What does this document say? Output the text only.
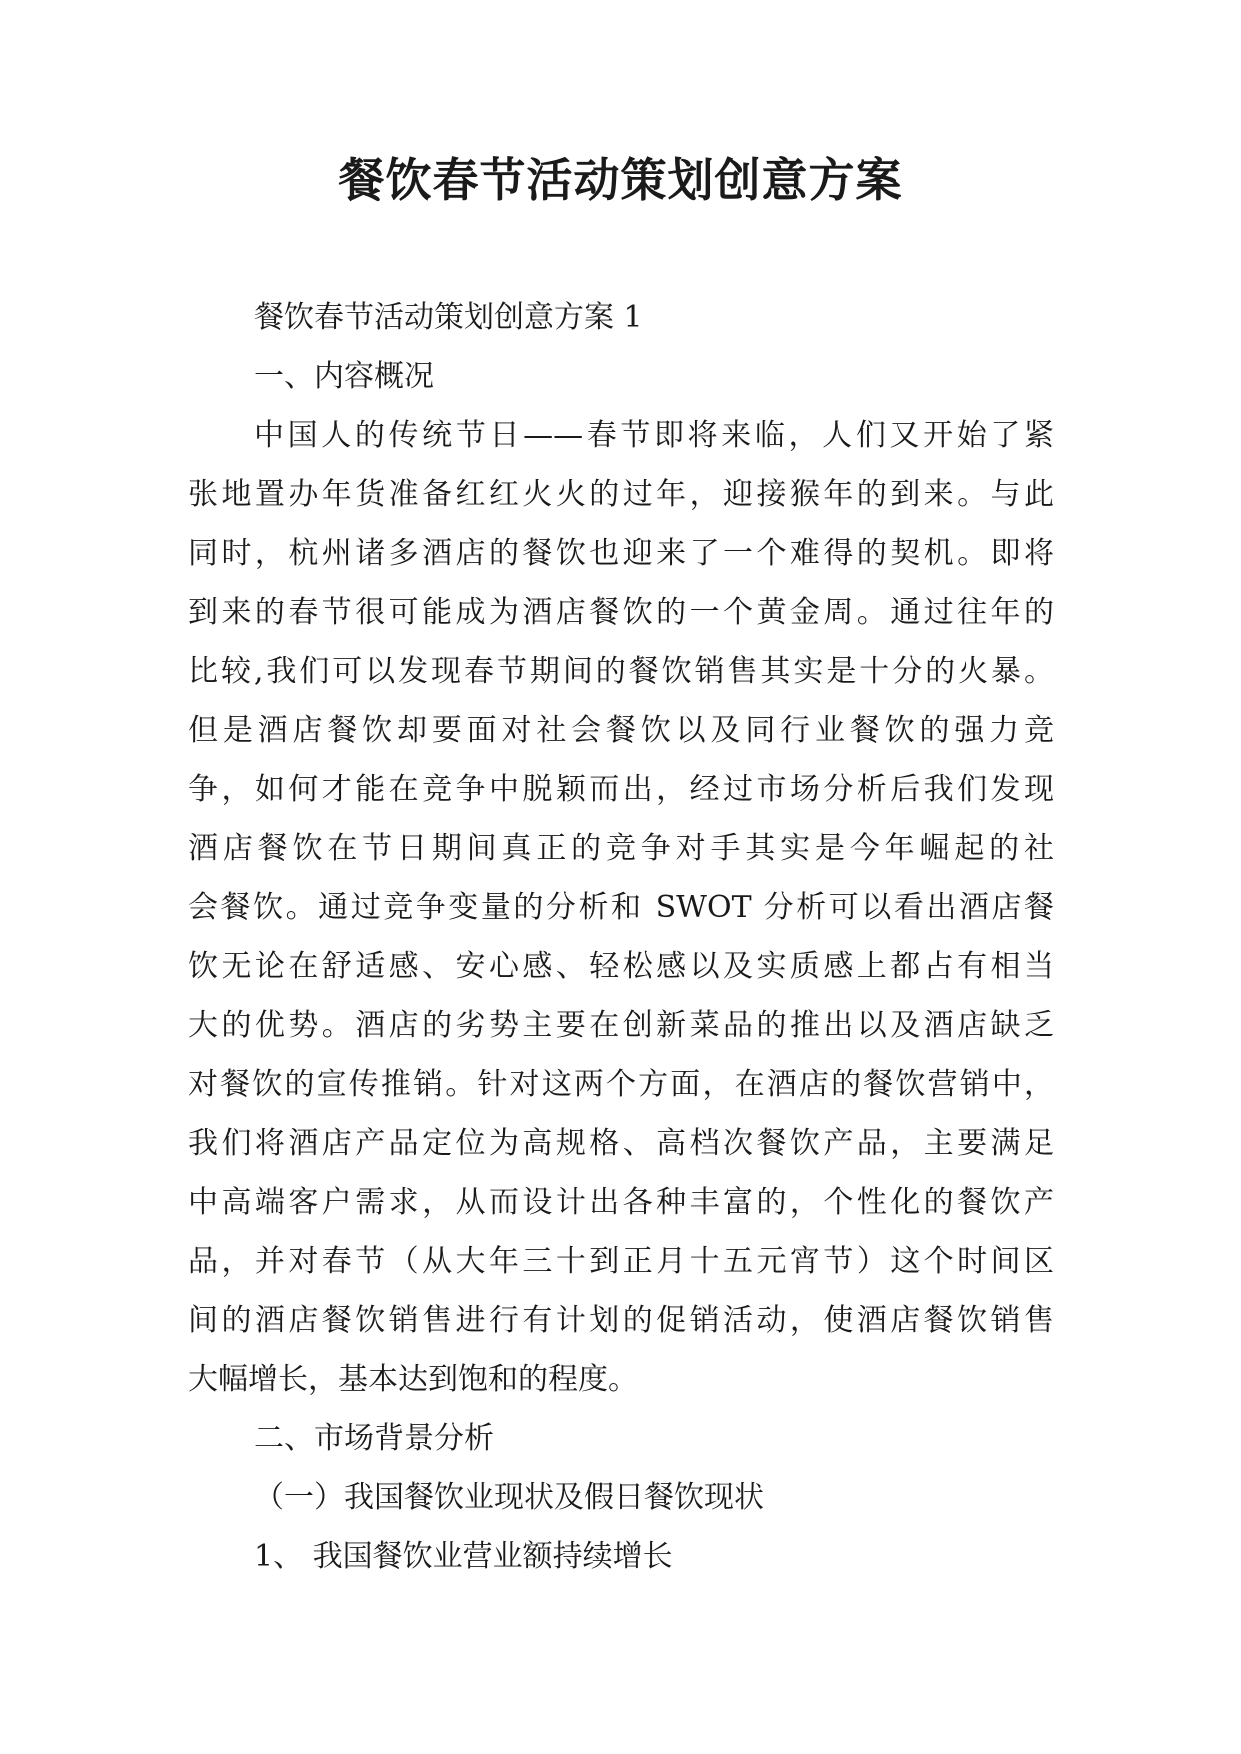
餐饮春节活动策划创意方案

餐饮春节活动策划创意方案 1

一、内容概况

中国人的传统节日——春节即将来临，人们又开始了紧

张地置办年货准备红红火火的过年，迎接猴年的到来。与此

同时，杭州诸多酒店的餐饮也迎来了一个难得的契机。即将

到来的春节很可能成为酒店餐饮的一个黄金周。通过往年的

比较,我们可以发现春节期间的餐饮销售其实是十分的火暴。

但是酒店餐饮却要面对社会餐饮以及同行业餐饮的强力竞

争，如何才能在竞争中脱颖而出，经过市场分析后我们发现

酒店餐饮在节日期间真正的竞争对手其实是今年崛起的社

会餐饮。通过竞争变量的分析和 SWOT 分析可以看出酒店餐

饮无论在舒适感、安心感、轻松感以及实质感上都占有相当

大的优势。酒店的劣势主要在创新菜品的推出以及酒店缺乏

对餐饮的宣传推销。针对这两个方面，在酒店的餐饮营销中，

我们将酒店产品定位为高规格、高档次餐饮产品，主要满足

中高端客户需求，从而设计出各种丰富的，个性化的餐饮产

品，并对春节（从大年三十到正月十五元宵节）这个时间区

间的酒店餐饮销售进行有计划的促销活动，使酒店餐饮销售

大幅增长，基本达到饱和的程度。

二、市场背景分析

（一）我国餐饮业现状及假日餐饮现状

1、 我国餐饮业营业额持续增长
